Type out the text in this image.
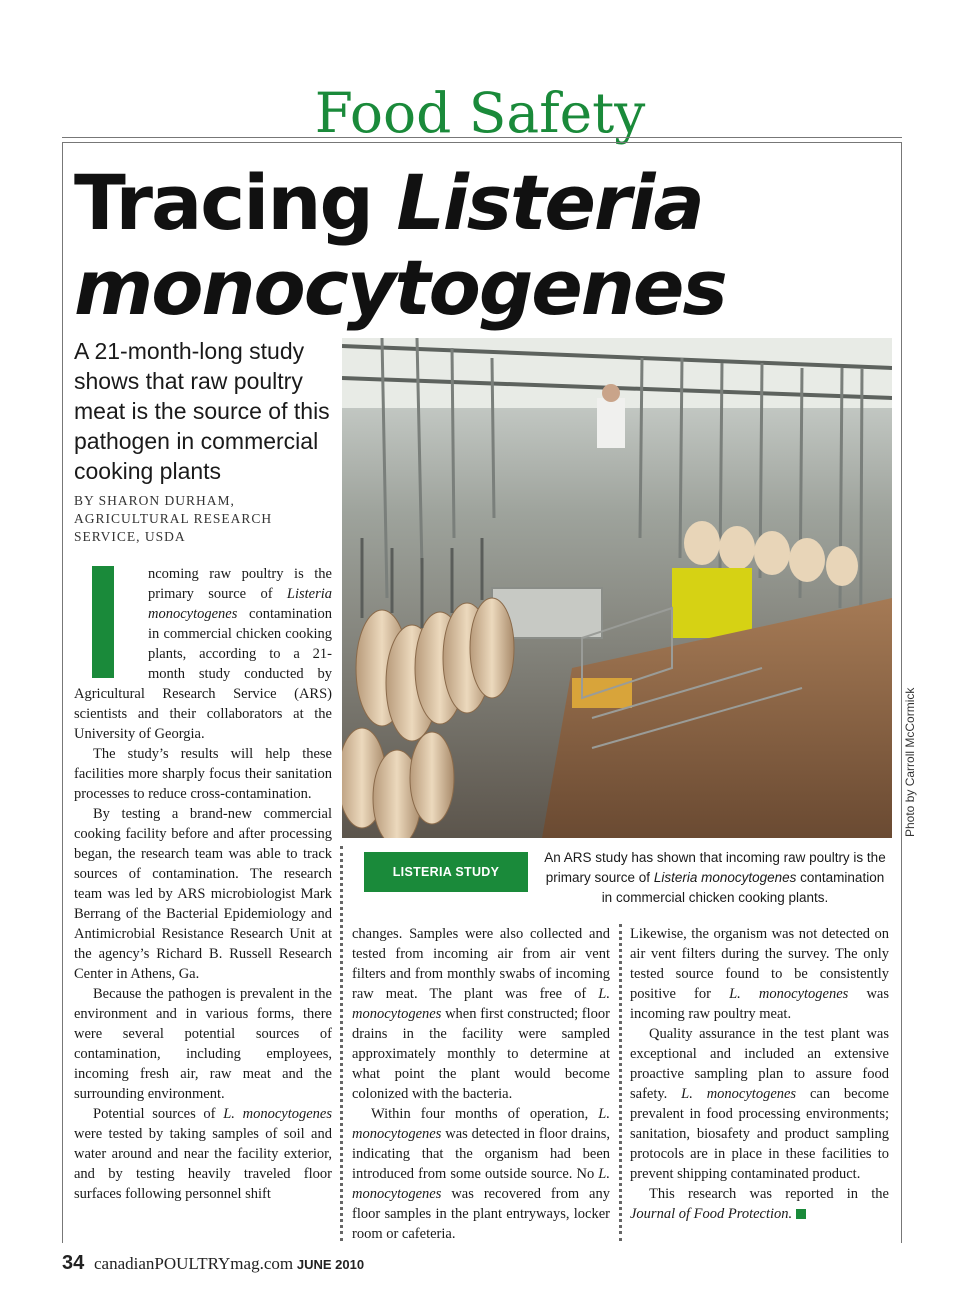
Food Safety
Tracing Listeria
monocytogenes
A 21-month-long study shows that raw poultry meat is the source of this pathogen in commercial cooking plants
BY SHARON DURHAM,
AGRICULTURAL RESEARCH
SERVICE, USDA
Photo by Carroll McCormick
LISTERIA STUDY
An ARS study has shown that incoming raw poultry is the primary source of Listeria monocytogenes contamination in commercial chicken cooking plants.

ncoming raw poultry is the primary source of Listeria monocytogenes contamination in commercial chicken cooking plants, according to a 21-month study conducted by Agricultural Research Service (ARS) scientists and their collaborators at the University of Georgia.

The study’s results will help these facilities more sharply focus their sanitation processes to reduce cross-contamination.

By testing a brand-new commercial cooking facility before and after processing began, the research team was able to track sources of contamination. The research team was led by ARS microbiologist Mark Berrang of the Bacterial Epidemiology and Antimicrobial Resistance Research Unit at the agency’s Richard B. Russell Research Center in Athens, Ga.

Because the pathogen is prevalent in the environment and in various forms, there were several potential sources of contamination, including employees, incoming fresh air, raw meat and the surrounding environment.

Potential sources of L. monocytogenes were tested by taking samples of soil and water around and near the facility exterior, and by testing heavily traveled floor surfaces following personnel shift

changes. Samples were also collected and tested from incoming air from air vent filters and from monthly swabs of incoming raw meat. The plant was free of L. monocytogenes when first constructed; floor drains in the facility were sampled approximately monthly to determine at what point the plant would become colonized with the bacteria.

Within four months of operation, L. monocytogenes was detected in floor drains, indicating that the organism had been introduced from some outside source. No L. monocytogenes was recovered from any floor samples in the plant entryways, locker room or cafeteria.

Likewise, the organism was not detected on air vent filters during the survey. The only tested source found to be consistently positive for L. monocytogenes was incoming raw poultry meat.

Quality assurance in the test plant was exceptional and included an extensive proactive sampling plan to assure food safety. L. monocytogenes can become prevalent in food processing environments; sanitation, biosafety and product sampling protocols are in place in these facilities to prevent shipping contaminated product.

This research was reported in the Journal of Food Protection.

34 canadianPOULTRYmag.com JUNE 2010
